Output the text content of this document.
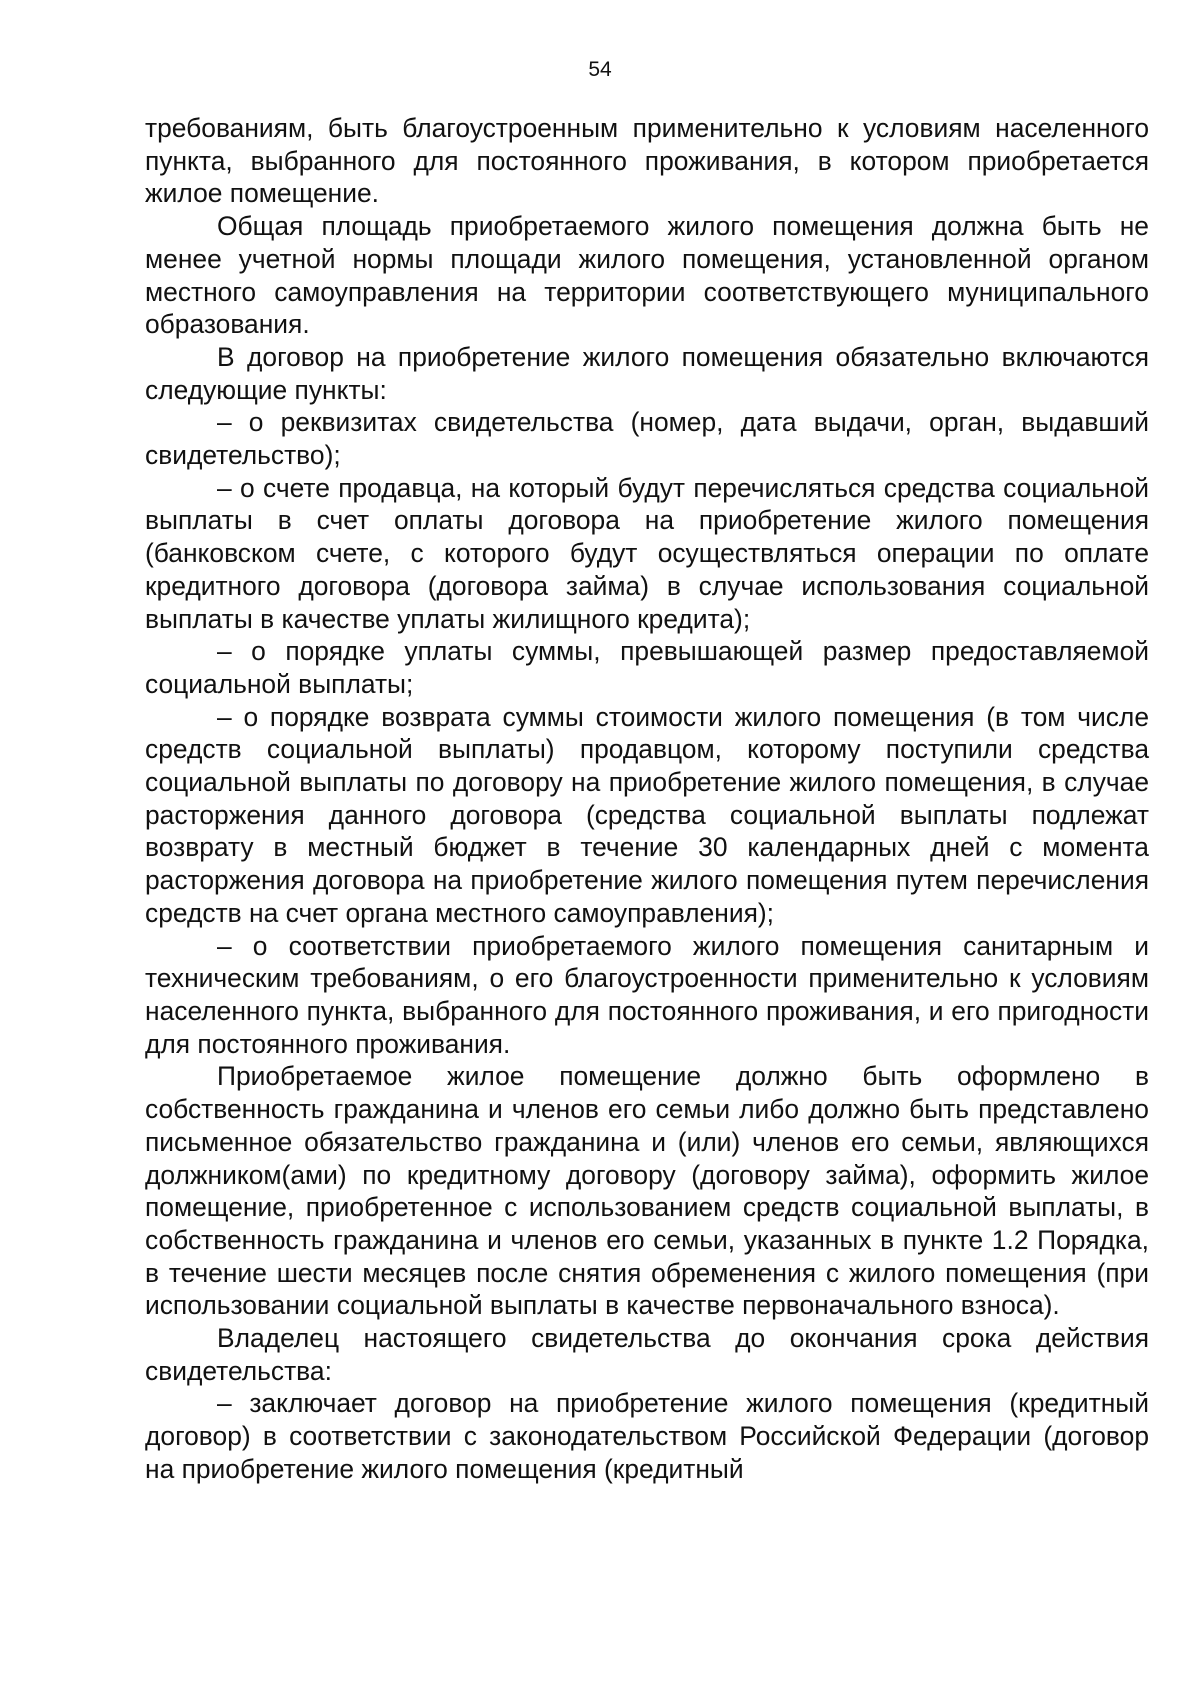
54

требованиям, быть благоустроенным применительно к условиям населенного пункта, выбранного для постоянного проживания, в котором приобретается жилое помещение.

Общая площадь приобретаемого жилого помещения должна быть не менее учетной нормы площади жилого помещения, установленной органом местного самоуправления на территории соответствующего муниципального образования.

В договор на приобретение жилого помещения обязательно включаются следующие пункты:

– о реквизитах свидетельства (номер, дата выдачи, орган, выдавший свидетельство);

– о счете продавца, на который будут перечисляться средства социальной выплаты в счет оплаты договора на приобретение жилого помещения (банковском счете, с которого будут осуществляться операции по оплате кредитного договора (договора займа) в случае использования социальной выплаты в качестве уплаты жилищного кредита);

– о порядке уплаты суммы, превышающей размер предоставляемой социальной выплаты;

– о порядке возврата суммы стоимости жилого помещения (в том числе средств социальной выплаты) продавцом, которому поступили средства социальной выплаты по договору на приобретение жилого помещения, в случае расторжения данного договора (средства социальной выплаты подлежат возврату в местный бюджет в течение 30 календарных дней с момента расторжения договора на приобретение жилого помещения путем перечисления средств на счет органа местного самоуправления);

– о соответствии приобретаемого жилого помещения санитарным и техническим требованиям, о его благоустроенности применительно к условиям населенного пункта, выбранного для постоянного проживания, и его пригодности для постоянного проживания.

Приобретаемое жилое помещение должно быть оформлено в собственность гражданина и членов его семьи либо должно быть представлено письменное обязательство гражданина и (или) членов его семьи, являющихся должником(ами) по кредитному договору (договору займа), оформить жилое помещение, приобретенное с использованием средств социальной выплаты, в собственность гражданина и членов его семьи, указанных в пункте 1.2 Порядка, в течение шести месяцев после снятия обременения с жилого помещения (при использовании социальной выплаты в качестве первоначального взноса).

Владелец настоящего свидетельства до окончания срока действия свидетельства:

– заключает договор на приобретение жилого помещения (кредитный договор) в соответствии с законодательством Российской Федерации (договор на приобретение жилого помещения (кредитный
